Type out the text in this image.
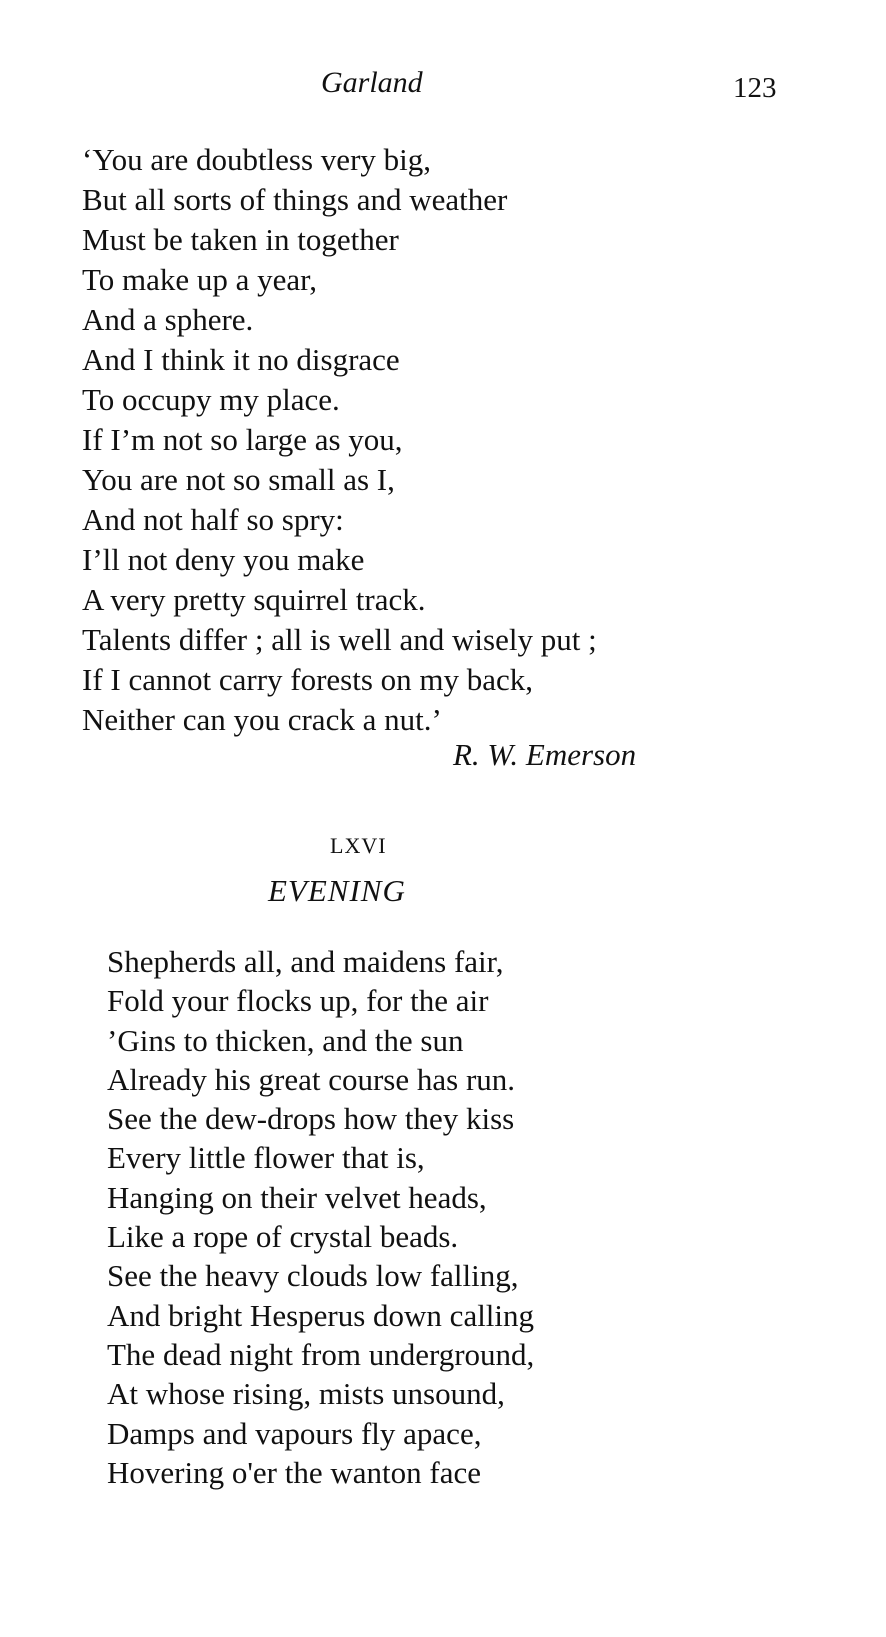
Garland	123
‘You are doubtless very big,
But all sorts of things and weather
Must be taken in together
To make up a year,
And a sphere.
And I think it no disgrace
To occupy my place.
If I’m not so large as you,
You are not so small as I,
And not half so spry:
I’ll not deny you make
A very pretty squirrel track.
Talents differ ; all is well and wisely put ;
If I cannot carry forests on my back,
Neither can you crack a nut.’
R. W. Emerson
LXVI
EVENING
Shepherds all, and maidens fair,
Fold your flocks up, for the air
’Gins to thicken, and the sun
Already his great course has run.
See the dew-drops how they kiss
Every little flower that is,
Hanging on their velvet heads,
Like a rope of crystal beads.
See the heavy clouds low falling,
And bright Hesperus down calling
The dead night from underground,
At whose rising, mists unsound,
Damps and vapours fly apace,
Hovering o'er the wanton face
